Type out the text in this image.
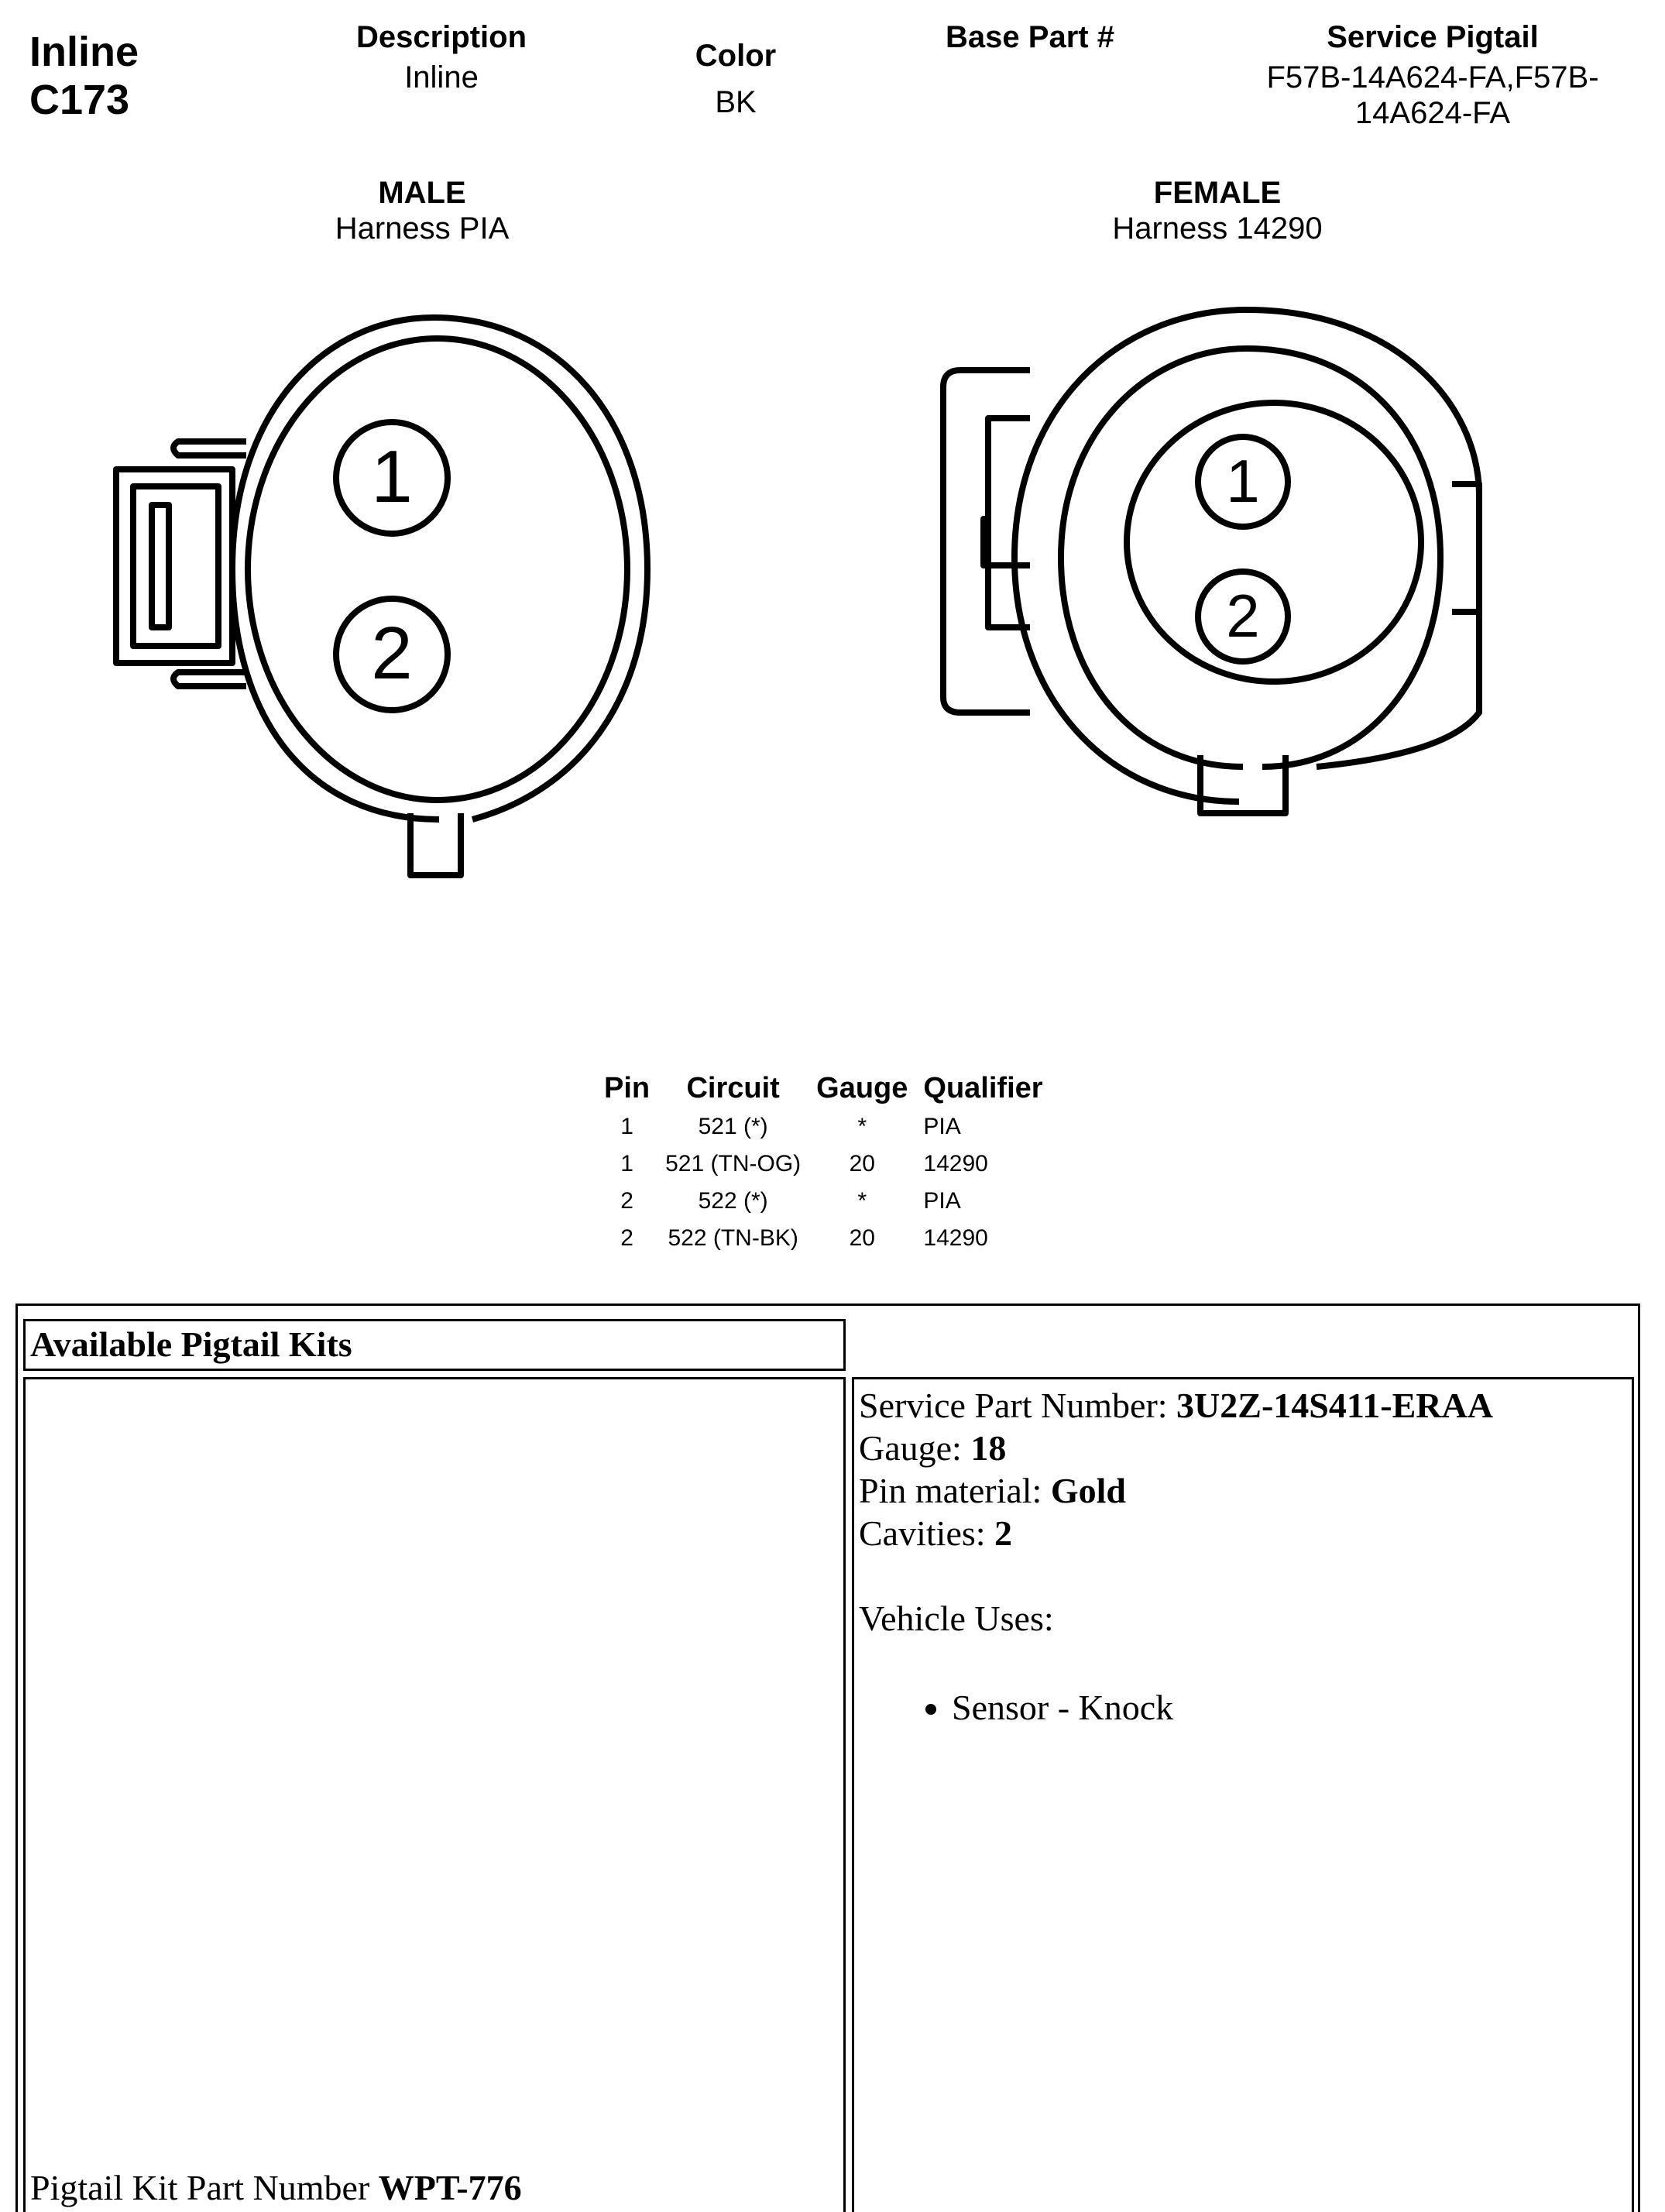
Inline
C173
Description
Inline
Color
BK
Base Part #	Service Pigtail
F57B-14A624-FA,F57B-
14A624-FA
MALE
Harness PIA
FEMALE
Harness 14290
1
2
1
2
Pin	Circuit	Gauge	Qualifier
1	521 (*)	*	PIA
1	521 (TN-OG)	20	14290
2	522 (*)	*	PIA
2	522 (TN-BK)	20	14290
Available Pigtail Kits
Pigtail Kit Part Number WPT-776
Service Part Number: 3U2Z-14S411-ERAA
Gauge: 18
Pin material: Gold
Cavities: 2
Vehicle Uses:
• Sensor - Knock
